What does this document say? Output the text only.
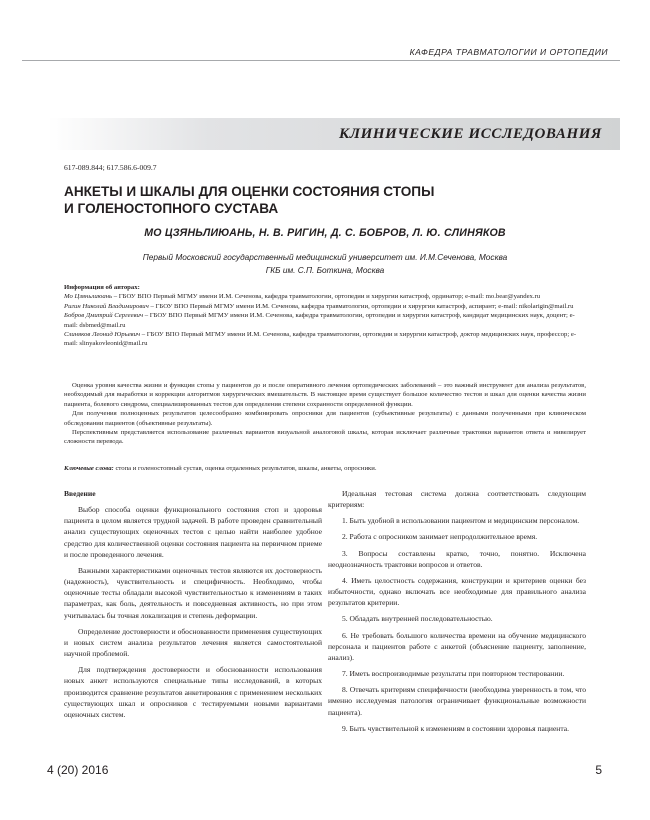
КАФЕДРА ТРАВМАТОЛОГИИ И ОРТОПЕДИИ
КЛИНИЧЕСКИЕ ИССЛЕДОВАНИЯ
617-089.844; 617.586.6-009.7
АНКЕТЫ И ШКАЛЫ ДЛЯ ОЦЕНКИ СОСТОЯНИЯ СТОПЫ
И ГОЛЕНОСТОПНОГО СУСТАВА
МО ЦЗЯНЬЛИЮАНЬ, Н. В. РИГИН, Д. С. БОБРОВ, Л. Ю. СЛИНЯКОВ
Первый Московский государственный медицинский университет им. И.М.Сеченова, Москва
ГКБ им. С.П. Боткина, Москва
Информация об авторах:
Мо Цзяньлиюань – ГБОУ ВПО Первый МГМУ имени И.М. Сеченова, кафедра травматологии, ортопедии и хирургии катастроф, ординатор; e-mail: mo.bear@yandex.ru
Ригин Николай Владимирович – ГБОУ ВПО Первый МГМУ имени И.М. Сеченова, кафедра травматологии, ортопедии и хирургии катастроф, аспирант; e-mail: nikolarigin@mail.ru
Бобров Дмитрий Сергеевич – ГБОУ ВПО Первый МГМУ имени И.М. Сеченова, кафедра травматологии, ортопедии и хирургии катастроф, кандидат медицинских наук, доцент; e-mail: dsbmed@mail.ru
Слиняков Леонид Юрьевич – ГБОУ ВПО Первый МГМУ имени И.М. Сеченова, кафедра травматологии, ортопедии и хирургии катастроф, доктор медицинских наук, профессор; e-mail: slinyakovleonid@mail.ru

Оценка уровня качества жизни и функции стопы у пациентов до и после оперативного лечения ортопедических заболеваний – это важный инструмент для анализа результатов, необходимый для выработки и коррекции алгоритмов хирургических вмешательств. В настоящее время существует большое количество тестов и шкал для оценки качества жизни пациента, болевого синдрома, специализированных тестов для определения степени сохранности определенной функции.

Для получения полноценных результатов целесообразно комбинировать опросники для пациентов (субъективные результаты) с данными полученными при клиническом обследовании пациентов (объективные результаты).

Перспективным представляется использование различных вариантов визуальной аналоговой шкалы, которая исключает различные трактовки вариантов ответа и нивелирует сложности перевода.

Ключевые слова: стопа и голеностопный сустав, оценка отдаленных результатов, шкалы, анкеты, опросники.

Введение

Выбор способа оценки функционального состояния стоп и здоровья пациента в целом является трудной задачей. В работе проведен сравнительный анализ существующих оценочных тестов с целью найти наиболее удобное средство для количественной оценки состояния пациента на первичном приеме и после проведенного лечения.

Важными характеристиками оценочных тестов являются их достоверность (надежность), чувствительность и специфичность. Необходимо, чтобы оценочные тесты обладали высокой чувствительностью к изменениям в таких параметрах, как боль, деятельность и повседневная активность, но при этом учитывалась бы точная локализация и степень деформации.

Определение достоверности и обоснованности применения существующих и новых систем анализа результатов лечения является самостоятельной научной проблемой.

Для подтверждения достоверности и обоснованности использования новых анкет используются специальные типы исследований, в которых производится сравнение результатов анкетирования с применением нескольких существующих шкал и опросников с тестируемыми новыми вариантами оценочных систем.

Идеальная тестовая система должна соответствовать следующим критериям:

1. Быть удобной в использовании пациентом и медицинским персоналом.

2. Работа с опросником занимает непродолжительное время.

3. Вопросы составлены кратко, точно, понятно. Исключена неоднозначность трактовки вопросов и ответов.

4. Иметь целостность содержания, конструкции и критериев оценки без избыточности, однако включать все необходимые для правильного анализа результатов критерии.

5. Обладать внутренней последовательностью.

6. Не требовать большого количества времени на обучение медицинского персонала и пациентов работе с анкетой (объяснение пациенту, заполнение, анализ).

7. Иметь воспроизводимые результаты при повторном тестировании.

8. Отвечать критериям специфичности (необходима уверенность в том, что именно исследуемая патология ограничивает функциональные возможности пациента).

9. Быть чувствительной к изменениям в состоянии здоровья пациента.

4 (20) 2016	5
